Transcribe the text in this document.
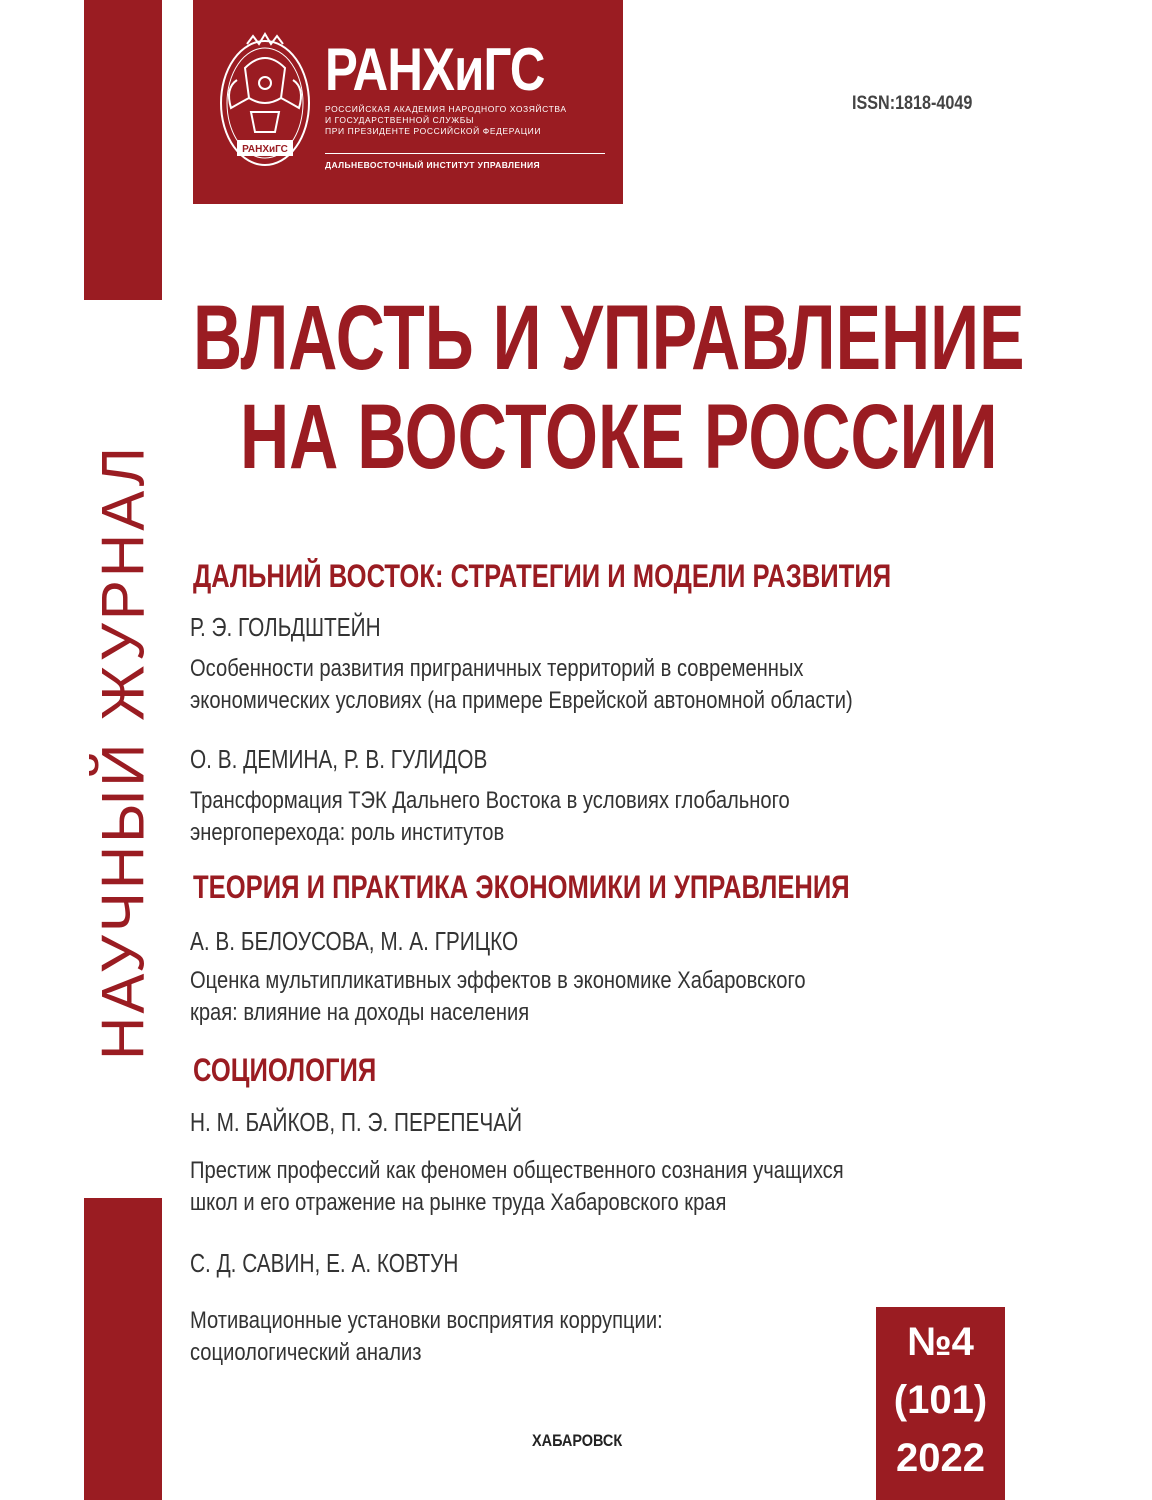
НАУЧНЫЙ ЖУРНАЛ
РАНХиГС
РАНХиГС
РОССИЙСКАЯ АКАДЕМИЯ НАРОДНОГО ХОЗЯЙСТВА
И ГОСУДАРСТВЕННОЙ СЛУЖБЫ
ПРИ ПРЕЗИДЕНТЕ РОССИЙСКОЙ ФЕДЕРАЦИИ
ДАЛЬНЕВОСТОЧНЫЙ ИНСТИТУТ УПРАВЛЕНИЯ
ISSN:1818-4049
ВЛАСТЬ И УПРАВЛЕНИЕ
НА ВОСТОКЕ РОССИИ
ДАЛЬНИЙ ВОСТОК: СТРАТЕГИИ И МОДЕЛИ РАЗВИТИЯ
Р. Э. ГОЛЬДШТЕЙН
Особенности развития приграничных территорий в современных
экономических условиях (на примере Еврейской автономной области)
О. В. ДЕМИНА, Р. В. ГУЛИДОВ
Трансформация ТЭК Дальнего Востока в условиях глобального
энергоперехода: роль институтов
ТЕОРИЯ И ПРАКТИКА ЭКОНОМИКИ И УПРАВЛЕНИЯ
А. В. БЕЛОУСОВА, М. А. ГРИЦКО
Оценка мультипликативных эффектов в экономике Хабаровского
края: влияние на доходы населения
СОЦИОЛОГИЯ
Н. М. БАЙКОВ, П. Э. ПЕРЕПЕЧАЙ
Престиж профессий как феномен общественного сознания учащихся
школ и его отражение на рынке труда Хабаровского края
С. Д. САВИН, Е. А. КОВТУН
Мотивационные установки восприятия коррупции:
социологический анализ	№4
(101)
2022
ХАБАРОВСК
